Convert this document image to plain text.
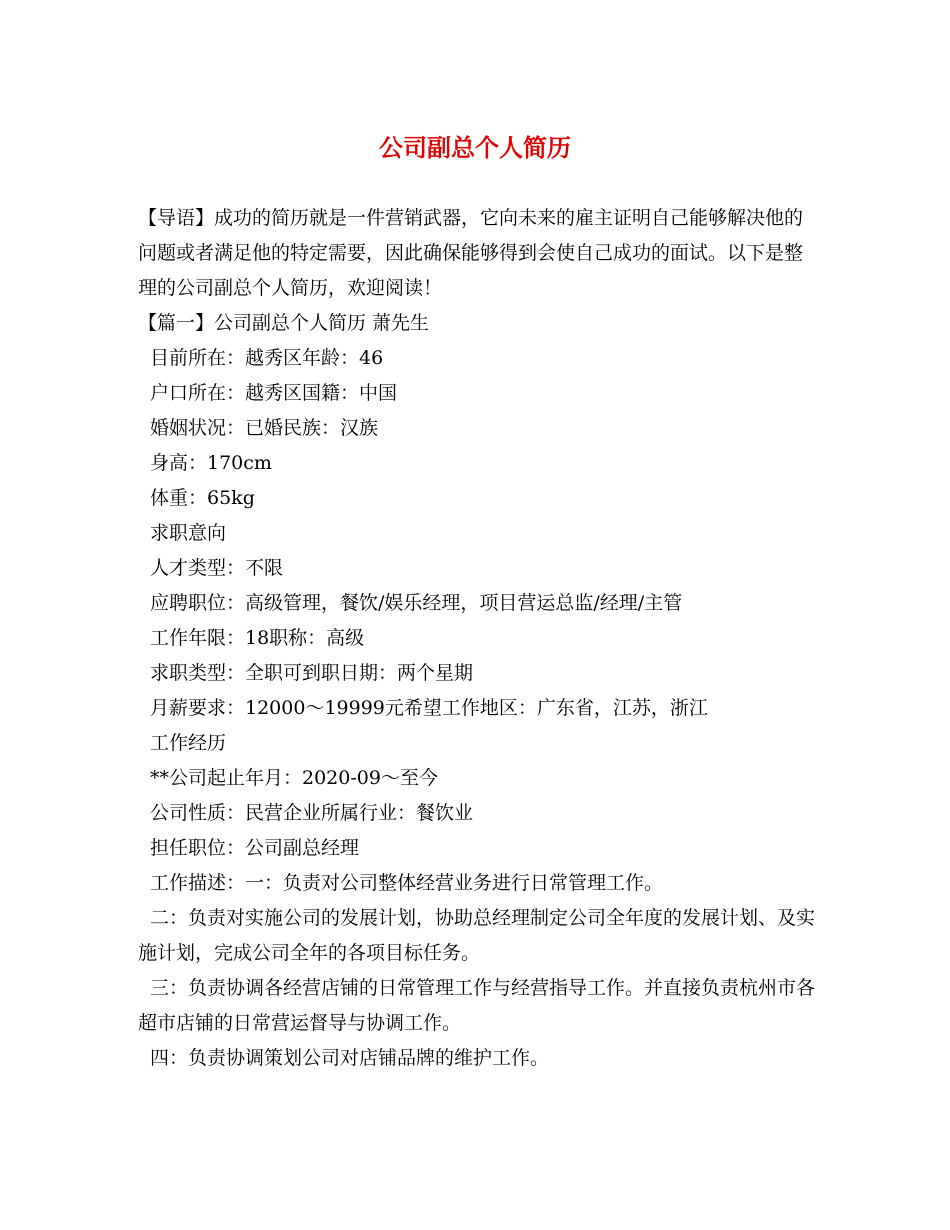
公司副总个人简历

【导语】成功的简历就是一件营销武器，它向未来的雇主证明自己能够解决他的问题或者满足他的特定需要，因此确保能够得到会使自己成功的面试。以下是整理的公司副总个人简历，欢迎阅读！

【篇一】公司副总个人简历 萧先生

目前所在：越秀区年龄：46

户口所在：越秀区国籍：中国

婚姻状况：已婚民族：汉族

身高：170cm

体重：65kg

求职意向

人才类型：不限

应聘职位：高级管理，餐饮/娱乐经理，项目营运总监/经理/主管

工作年限：18职称：高级

求职类型：全职可到职日期：两个星期

月薪要求：12000～19999元希望工作地区：广东省，江苏，浙江

工作经历

**公司起止年月：2020-09～至今

公司性质：民营企业所属行业：餐饮业

担任职位：公司副总经理

工作描述：一：负责对公司整体经营业务进行日常管理工作。

二：负责对实施公司的发展计划，协助总经理制定公司全年度的发展计划、及实施计划，完成公司全年的各项目标任务。

三：负责协调各经营店铺的日常管理工作与经营指导工作。并直接负责杭州市各超市店铺的日常营运督导与协调工作。

四：负责协调策划公司对店铺品牌的维护工作。
